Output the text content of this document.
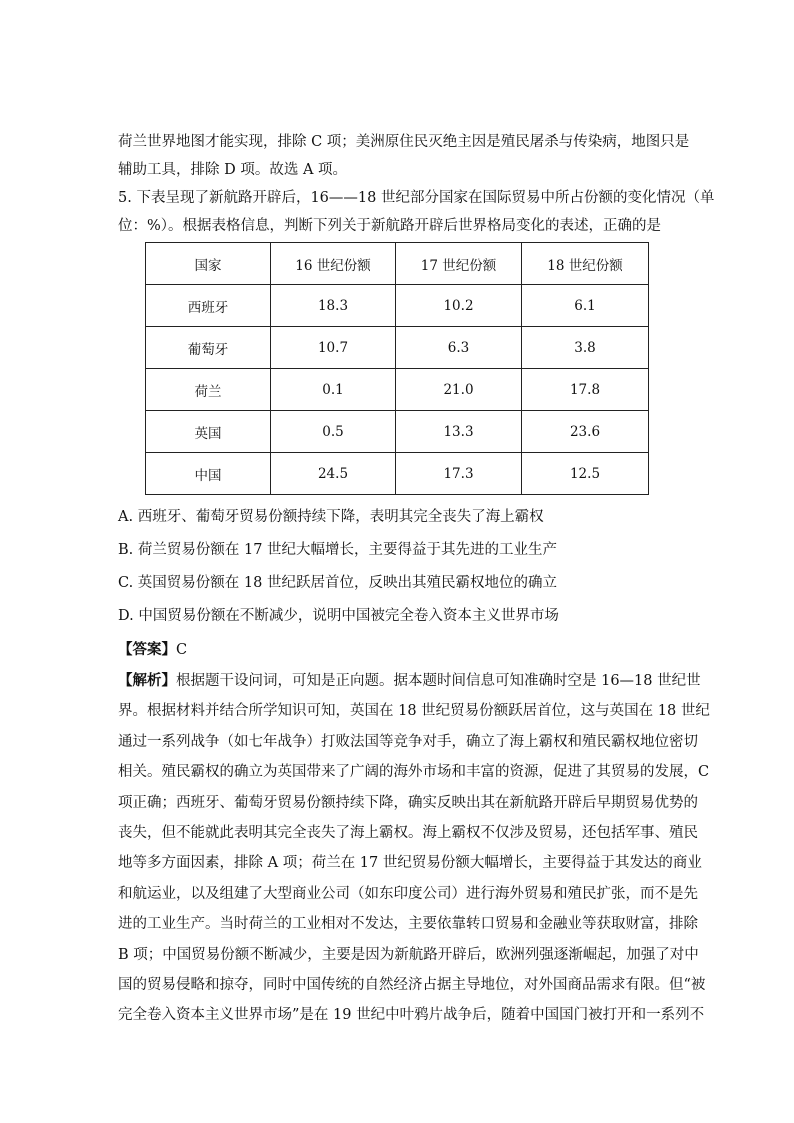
荷兰世界地图才能实现，排除 C 项；美洲原住民灭绝主因是殖民屠杀与传染病，地图只是
辅助工具，排除 D 项。故选 A 项。
5. 下表呈现了新航路开辟后，16——18 世纪部分国家在国际贸易中所占份额的变化情况（单
位：%）。根据表格信息，判断下列关于新航路开辟后世界格局变化的表述，正确的是
国家	16 世纪份额	17 世纪份额	18 世纪份额
西班牙	18.3	10.2	6.1
葡萄牙	10.7	6.3	3.8
荷兰	0.1	21.0	17.8
英国	0.5	13.3	23.6
中国	24.5	17.3	12.5
A. 西班牙、葡萄牙贸易份额持续下降，表明其完全丧失了海上霸权
B. 荷兰贸易份额在 17 世纪大幅增长，主要得益于其先进的工业生产
C. 英国贸易份额在 18 世纪跃居首位，反映出其殖民霸权地位的确立
D. 中国贸易份额在不断减少，说明中国被完全卷入资本主义世界市场
【答案】C
【解析】根据题干设问词，可知是正向题。据本题时间信息可知准确时空是 16—18 世纪世
界。根据材料并结合所学知识可知，英国在 18 世纪贸易份额跃居首位，这与英国在 18 世纪
通过一系列战争（如七年战争）打败法国等竞争对手，确立了海上霸权和殖民霸权地位密切
相关。殖民霸权的确立为英国带来了广阔的海外市场和丰富的资源，促进了其贸易的发展，C
项正确；西班牙、葡萄牙贸易份额持续下降，确实反映出其在新航路开辟后早期贸易优势的
丧失，但不能就此表明其完全丧失了海上霸权。海上霸权不仅涉及贸易，还包括军事、殖民
地等多方面因素，排除 A 项；荷兰在 17 世纪贸易份额大幅增长，主要得益于其发达的商业
和航运业，以及组建了大型商业公司（如东印度公司）进行海外贸易和殖民扩张，而不是先
进的工业生产。当时荷兰的工业相对不发达，主要依靠转口贸易和金融业等获取财富，排除
B 项；中国贸易份额不断减少，主要是因为新航路开辟后，欧洲列强逐渐崛起，加强了对中
国的贸易侵略和掠夺，同时中国传统的自然经济占据主导地位，对外国商品需求有限。但“被
完全卷入资本主义世界市场”是在 19 世纪中叶鸦片战争后，随着中国国门被打开和一系列不
